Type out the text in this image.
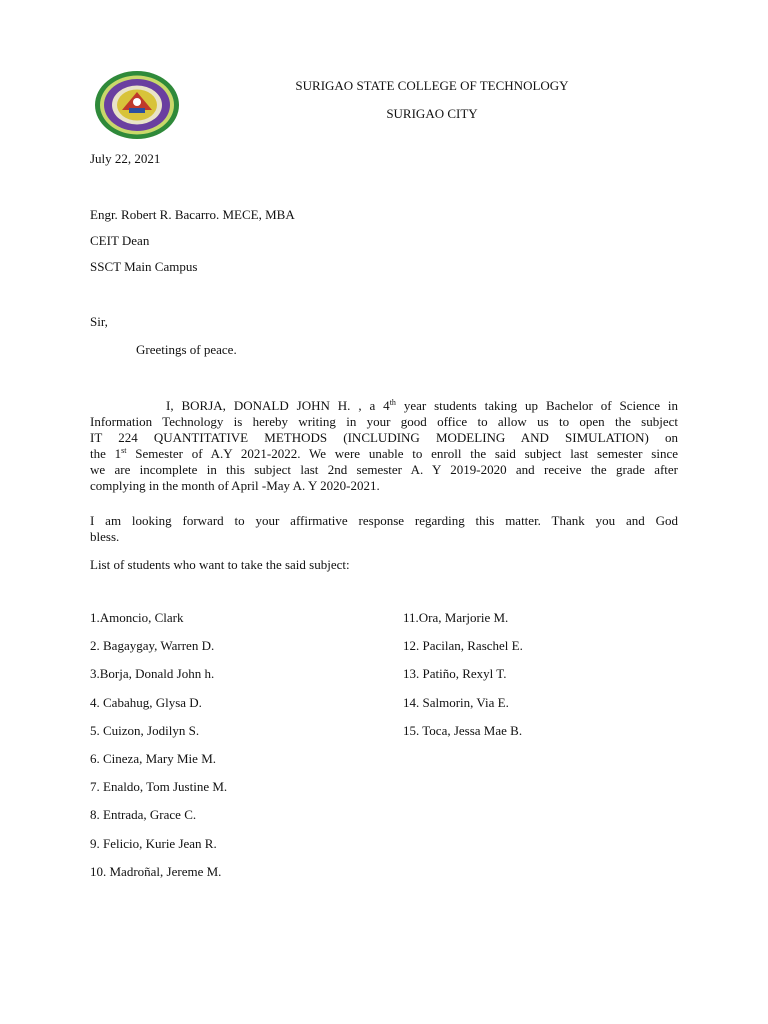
SURIGAO STATE COLLEGE OF TECHNOLOGY
SURIGAO CITY
July 22, 2021
Engr. Robert R. Bacarro. MECE, MBA
CEIT Dean
SSCT Main Campus
Sir,
Greetings of peace.
I, BORJA, DONALD JOHN H. , a 4th year students taking up Bachelor of Science in
Information Technology is hereby writing in your good office to allow us to open the subject
IT 224 QUANTITATIVE METHODS (INCLUDING MODELING AND SIMULATION) on
the 1st Semester of A.Y 2021-2022. We were unable to enroll the said subject last semester since
we are incomplete in this subject last 2nd semester A. Y 2019-2020 and receive the grade after
complying in the month of April -May A. Y 2020-2021.
I am looking forward to your affirmative response regarding this matter. Thank you and God
bless.
List of students who want to take the said subject:
1.Amoncio, Clark
2. Bagaygay, Warren D.
3.Borja, Donald John h.
4. Cabahug, Glysa D.
5. Cuizon, Jodilyn S.
6. Cineza, Mary Mie M.
7. Enaldo, Tom Justine M.
8. Entrada, Grace C.
9. Felicio, Kurie Jean R.
10. Madroñal, Jereme M.
11.Ora, Marjorie M.
12. Pacilan, Raschel E.
13. Patiño, Rexyl T.
14. Salmorin, Via E.
15. Toca, Jessa Mae B.
